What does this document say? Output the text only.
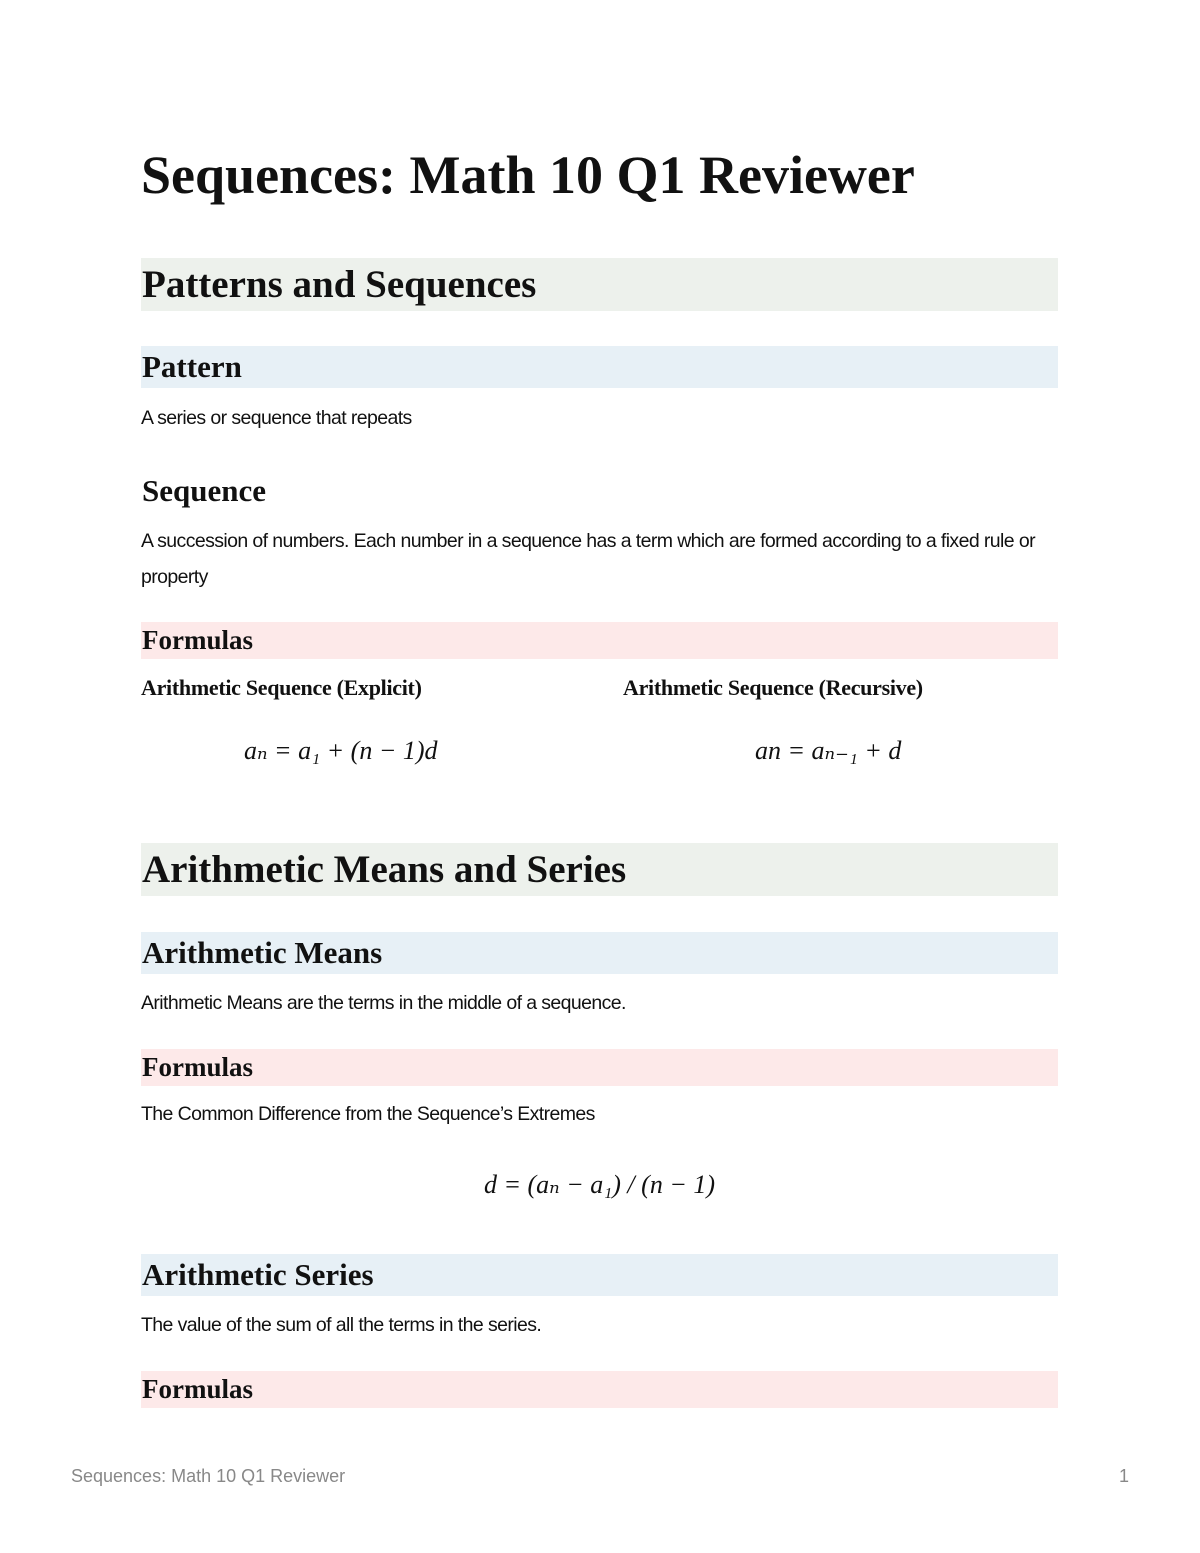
Sequences: Math 10 Q1 Reviewer
Patterns and Sequences
Pattern
A series or sequence that repeats
Sequence
A succession of numbers. Each number in a sequence has a term which are formed according to a fixed rule or property
Formulas
Arithmetic Sequence (Explicit)	Arithmetic Sequence (Recursive)
aₙ = a₁ + (n − 1)d	an = aₙ₋₁ + d
Arithmetic Means and Series
Arithmetic Means
Arithmetic Means are the terms in the middle of a sequence.
Formulas
The Common Difference from the Sequence’s Extremes
d = (aₙ − a₁) / (n − 1)
Arithmetic Series
The value of the sum of all the terms in the series.
Formulas
Sequences: Math 10 Q1 Reviewer	1
